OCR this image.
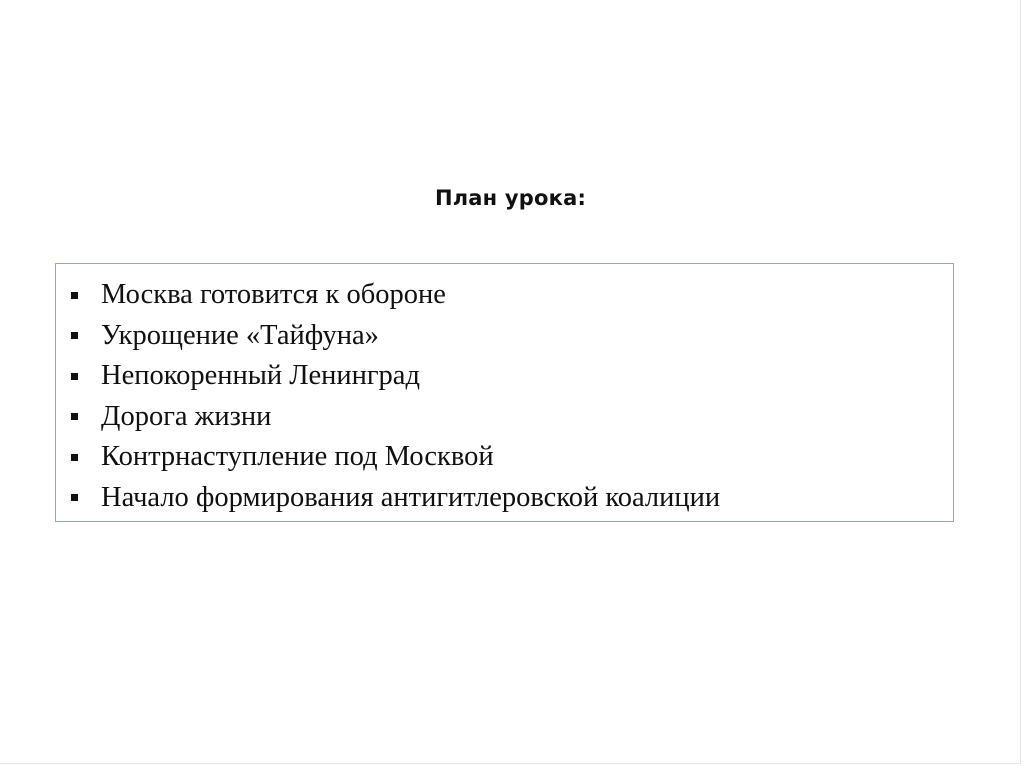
План урока:
Москва готовится к обороне
Укрощение «Тайфуна»
Непокоренный Ленинград
Дорога жизни
Контрнаступление под Москвой
Начало формирования антигитлеровской коалиции
